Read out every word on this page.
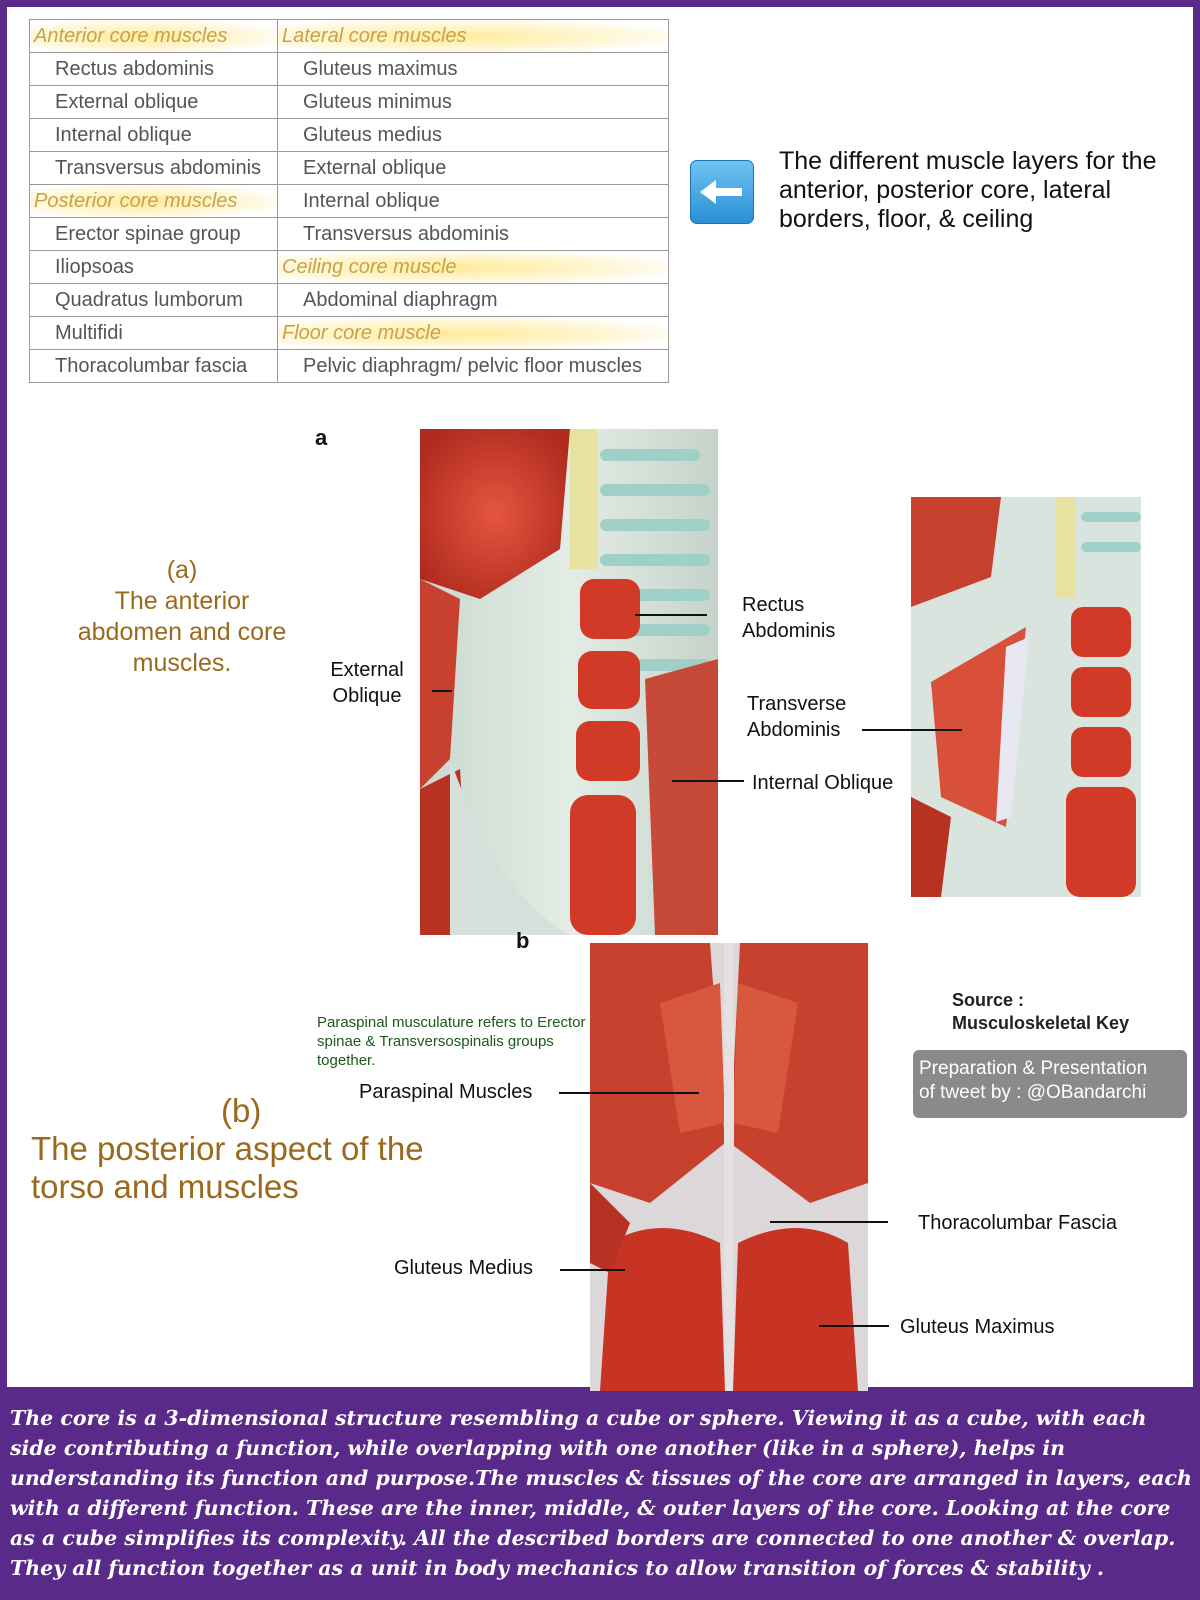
Anterior core muscles	Lateral core muscles
Rectus abdominis	Gluteus maximus
External oblique	Gluteus minimus
Internal oblique	Gluteus medius
Transversus abdominis	External oblique
Posterior core muscles	Internal oblique
Erector spinae group	Transversus abdominis
Iliopsoas	Ceiling core muscle
Quadratus lumborum	Abdominal diaphragm
Multifidi	Floor core muscle
Thoracolumbar fascia	Pelvic diaphragm/ pelvic floor muscles
The different muscle layers for the anterior, posterior core, lateral borders, floor, & ceiling
a
(a)
The anterior abdomen and core muscles.
Rectus Abdominis
External Oblique	Transverse Abdominis
Internal Oblique
b
(b)
The posterior aspect of the torso and muscles
Paraspinal musculature refers to Erector spinae & Transversospinalis groups together.
Paraspinal Muscles
Thoracolumbar Fascia
Gluteus Medius
Gluteus Maximus
Source :
Musculoskeletal Key
Preparation & Presentation
of tweet by : @OBandarchi
The core is a 3-dimensional structure resembling a cube or sphere. Viewing it as a cube, with each side contributing a function, while overlapping with one another (like in a sphere), helps in understanding its function and purpose.The muscles & tissues of the core are arranged in layers, each with a different function. These are the inner, middle, & outer layers of the core. Looking at the core as a cube simplifies its complexity. All the described borders are connected to one another & overlap. They all function together as a unit in body mechanics to allow transition of forces & stability .
